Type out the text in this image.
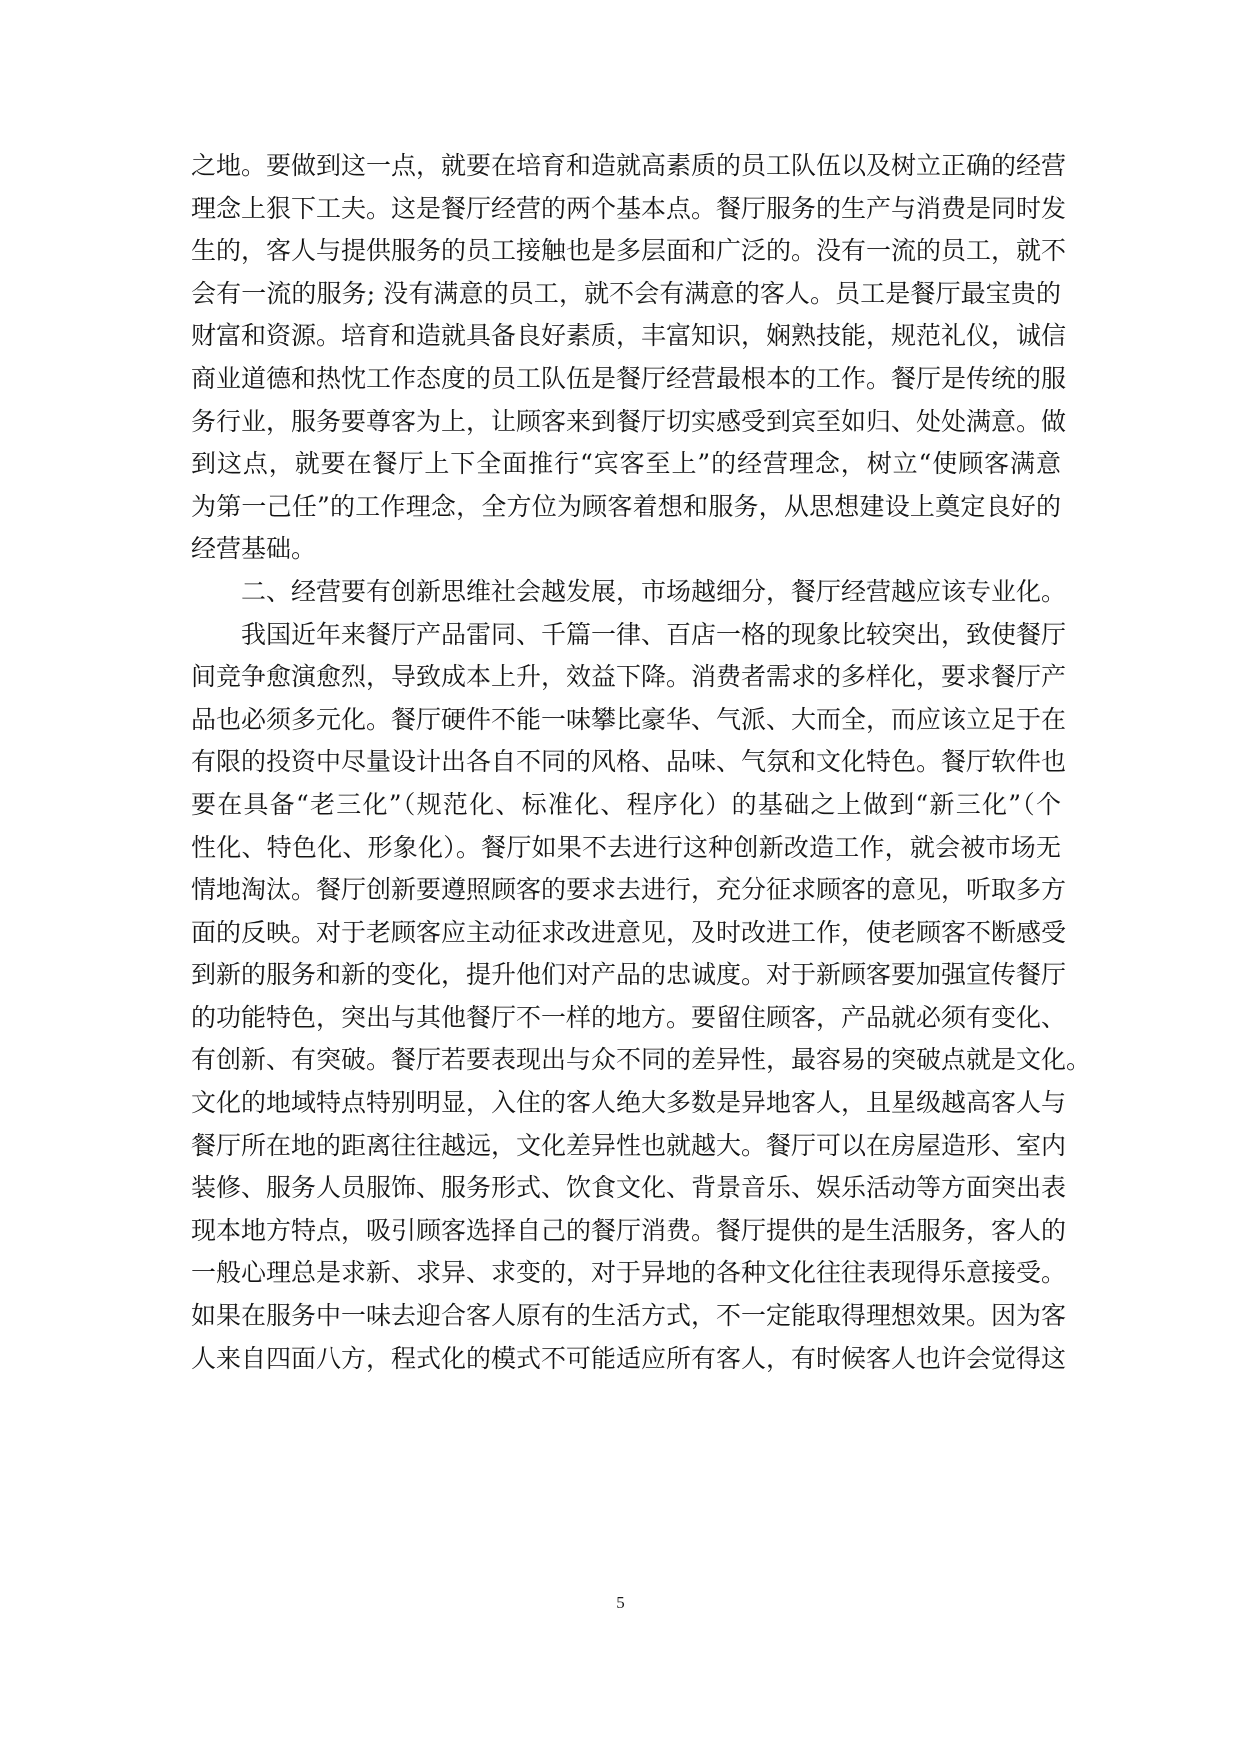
之地。要做到这一点，就要在培育和造就高素质的员工队伍以及树立正确的经营
理念上狠下工夫。这是餐厅经营的两个基本点。餐厅服务的生产与消费是同时发
生的，客人与提供服务的员工接触也是多层面和广泛的。没有一流的员工，就不
会有一流的服务; 没有满意的员工，就不会有满意的客人。员工是餐厅最宝贵的
财富和资源。培育和造就具备良好素质，丰富知识，娴熟技能，规范礼仪，诚信
商业道德和热忱工作态度的员工队伍是餐厅经营最根本的工作。餐厅是传统的服
务行业，服务要尊客为上，让顾客来到餐厅切实感受到宾至如归、处处满意。做
到这点，就要在餐厅上下全面推行“宾客至上”的经营理念，树立“使顾客满意
为第一己任”的工作理念，全方位为顾客着想和服务，从思想建设上奠定良好的
经营基础。
二、经营要有创新思维社会越发展，市场越细分，餐厅经营越应该专业化。
我国近年来餐厅产品雷同、千篇一律、百店一格的现象比较突出，致使餐厅
间竞争愈演愈烈，导致成本上升，效益下降。消费者需求的多样化，要求餐厅产
品也必须多元化。餐厅硬件不能一味攀比豪华、气派、大而全，而应该立足于在
有限的投资中尽量设计出各自不同的风格、品味、气氛和文化特色。餐厅软件也
要在具备“老三化”（规范化、标准化、程序化）的基础之上做到“新三化”（个
性化、特色化、形象化）。餐厅如果不去进行这种创新改造工作，就会被市场无
情地淘汰。餐厅创新要遵照顾客的要求去进行，充分征求顾客的意见，听取多方
面的反映。对于老顾客应主动征求改进意见，及时改进工作，使老顾客不断感受
到新的服务和新的变化，提升他们对产品的忠诚度。对于新顾客要加强宣传餐厅
的功能特色，突出与其他餐厅不一样的地方。要留住顾客，产品就必须有变化、
有创新、有突破。餐厅若要表现出与众不同的差异性，最容易的突破点就是文化。
文化的地域特点特别明显，入住的客人绝大多数是异地客人，且星级越高客人与
餐厅所在地的距离往往越远，文化差异性也就越大。餐厅可以在房屋造形、室内
装修、服务人员服饰、服务形式、饮食文化、背景音乐、娱乐活动等方面突出表
现本地方特点，吸引顾客选择自己的餐厅消费。餐厅提供的是生活服务，客人的
一般心理总是求新、求异、求变的，对于异地的各种文化往往表现得乐意接受。
如果在服务中一味去迎合客人原有的生活方式，不一定能取得理想效果。因为客
人来自四面八方，程式化的模式不可能适应所有客人，有时候客人也许会觉得这
5
